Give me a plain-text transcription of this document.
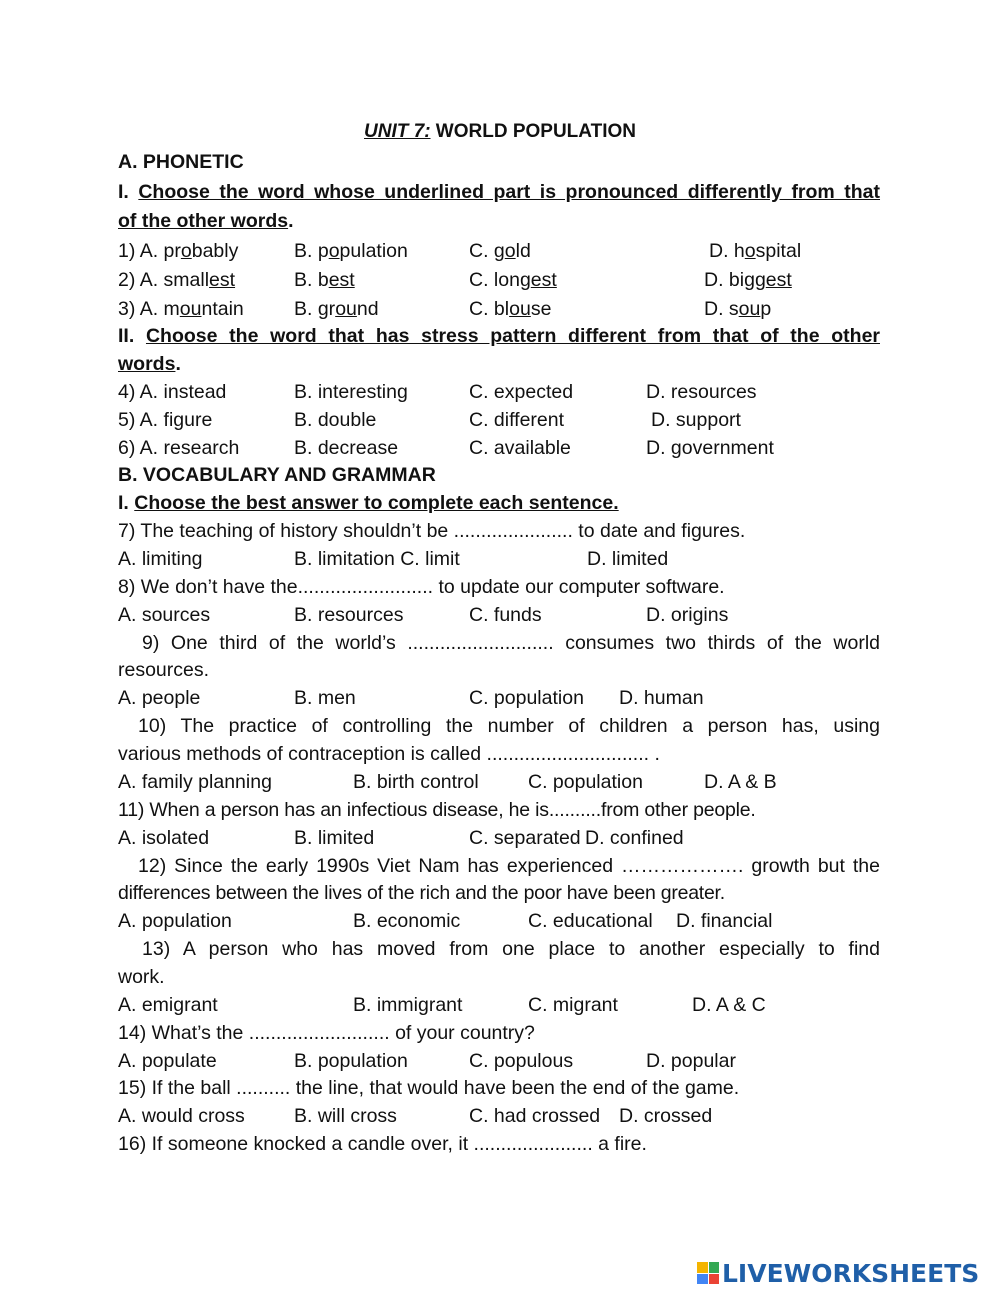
UNIT 7: WORLD POPULATION
A. PHONETIC
I. Choose the word whose underlined part is pronounced differently from that
of the other words.
1) A. probably	B. population	C. gold	D. hospital
2) A. smallest	B. best	C. longest	D. biggest
3) A. mountain	B. ground	C. blouse	D. soup
II. Choose the word that has stress pattern different from that of the other
words.
4) A. instead	B. interesting	C. expected	D. resources
5) A. figure	B. double	C. different	D. support
6) A. research	B. decrease	C. available	D. government
B. VOCABULARY AND GRAMMAR
I. Choose the best answer to complete each sentence.
7) The teaching of history shouldn’t be ...................... to date and figures.
A. limiting	B. limitation C. limit	D. limited
8) We don’t have the......................... to update our computer software.
A. sources	B. resources	C. funds	D. origins
9) One third of the world’s ........................... consumes two thirds of the world
resources.
A. people	B. men	C. population D. human
10) The practice of controlling the number of children a person has, using
various methods of contraception is called .............................. .
A. family planning	B. birth control	C. population	D. A & B
11) When a person has an infectious disease, he is..........from other people.
A. isolated	B. limited	C. separated D. confined
12) Since the early 1990s Viet Nam has experienced ………………. growth but the
differences between the lives of the rich and the poor have been greater.
A. population	B. economic	C. educational D. financial
13) A person who has moved from one place to another especially to find
work.
A. emigrant	B. immigrant	C. migrant	D. A & C
14) What’s the .......................... of your country?
A. populate	B. population	C. populous	D. popular
15) If the ball .......... the line, that would have been the end of the game.
A. would cross	B. will cross	C. had crossed D. crossed
16) If someone knocked a candle over, it ...................... a fire.
LIVEWORKSHEETS
